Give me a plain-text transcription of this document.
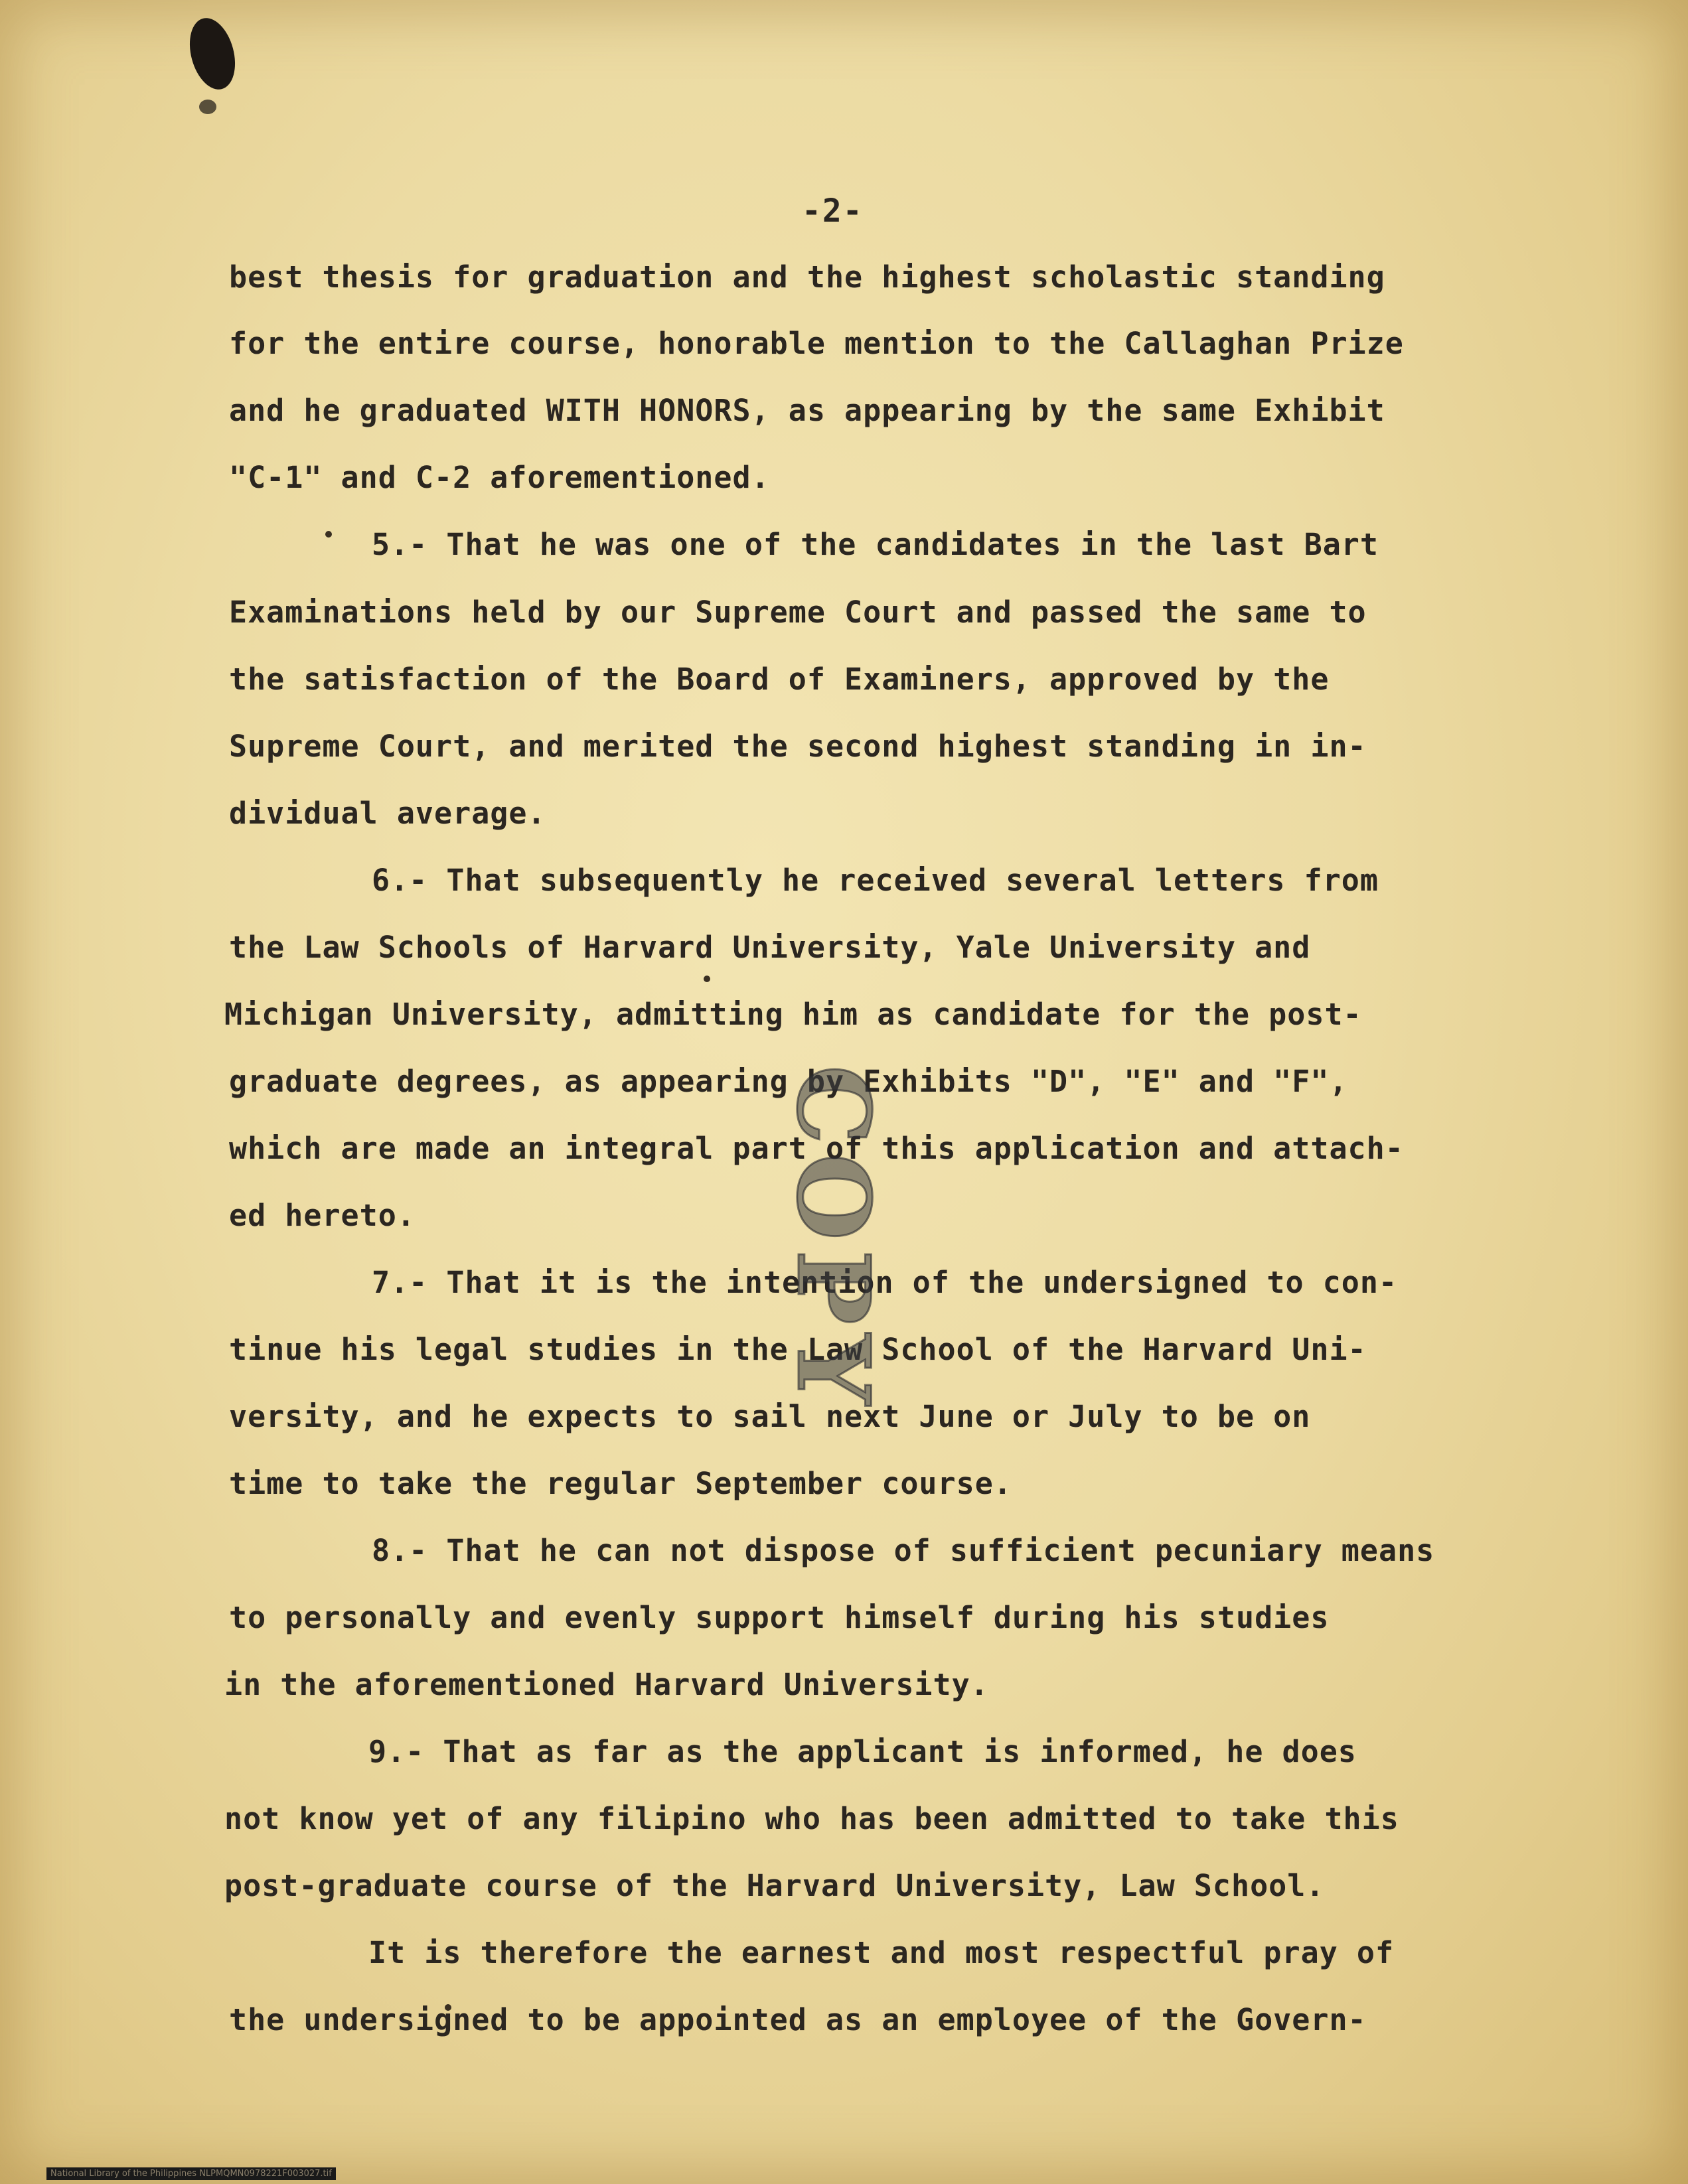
-2-
best thesis for graduation and the highest scholastic standing
for the entire course, honorable mention to the Callaghan Prize
and he graduated WITH HONORS, as appearing by the same Exhibit
"C-1" and C-2 aforementioned.
5.- That he was one of the candidates in the last Bart
Examinations held by our Supreme Court and passed the same to
the satisfaction of the Board of Examiners, approved by the
Supreme Court, and merited the second highest standing in in-
dividual average.
6.- That subsequently he received several letters from
the Law Schools of Harvard University, Yale University and
Michigan University, admitting him as candidate for the post-
graduate degrees, as appearing by Exhibits "D", "E" and "F",
which are made an integral part of this application and attach-
ed hereto.
7.- That it is the intention of the undersigned to con-
tinue his legal studies in the Law School of the Harvard Uni-
versity, and he expects to sail next June or July to be on
time to take the regular September course.
8.- That he can not dispose of sufficient pecuniary means
to personally and evenly support himself during his studies
in the aforementioned Harvard University.
9.- That as far as the applicant is informed, he does
not know yet of any filipino who has been admitted to take this
post-graduate course of the Harvard University, Law School.
It is therefore the earnest and most respectful pray of
the undersigned to be appointed as an employee of the Govern-
COPY
National Library of the Philippines NLPMQMN0978221F003027.tif
